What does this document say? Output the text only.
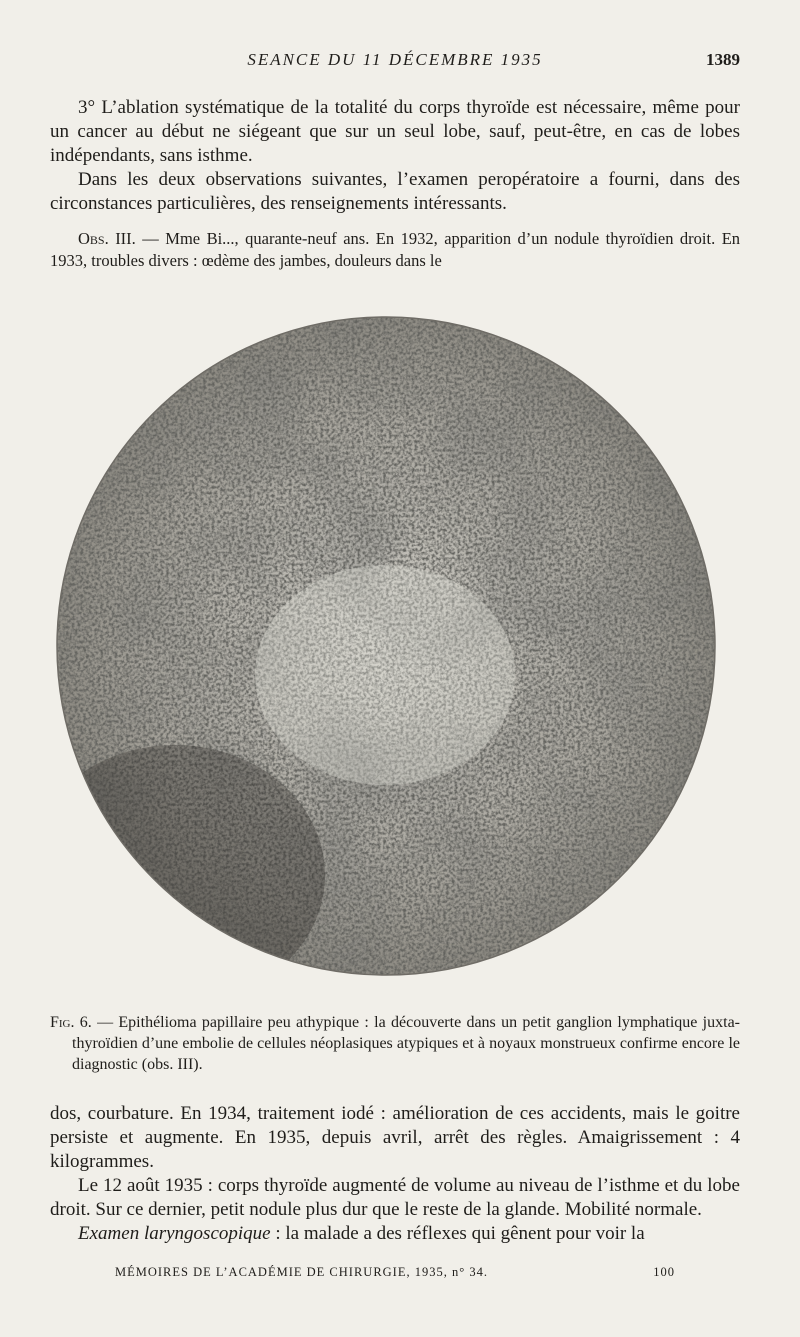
SEANCE DU 11 DÉCEMBRE 1935	1389

3° L’ablation systématique de la totalité du corps thyroïde est nécessaire, même pour un cancer au début ne siégeant que sur un seul lobe, sauf, peut-être, en cas de lobes indépendants, sans isthme.

Dans les deux observations suivantes, l’examen peropératoire a fourni, dans des circonstances particulières, des renseignements intéressants.

Obs. III. — Mme Bi..., quarante-neuf ans. En 1932, apparition d’un nodule thyroïdien droit. En 1933, troubles divers : œdème des jambes, douleurs dans le

Fig. 6. — Epithélioma papillaire peu athypique : la découverte dans un petit ganglion lymphatique juxta-thyroïdien d’une embolie de cellules néoplasiques atypiques et à noyaux monstrueux confirme encore le diagnostic (obs. III).

dos, courbature. En 1934, traitement iodé : amélioration de ces accidents, mais le goitre persiste et augmente. En 1935, depuis avril, arrêt des règles. Amaigrissement : 4 kilogrammes.

Le 12 août 1935 : corps thyroïde augmenté de volume au niveau de l’isthme et du lobe droit. Sur ce dernier, petit nodule plus dur que le reste de la glande. Mobilité normale.

Examen laryngoscopique : la malade a des réflexes qui gênent pour voir la

MÉMOIRES DE L’ACADÉMIE DE CHIRURGIE, 1935, n° 34.	100
